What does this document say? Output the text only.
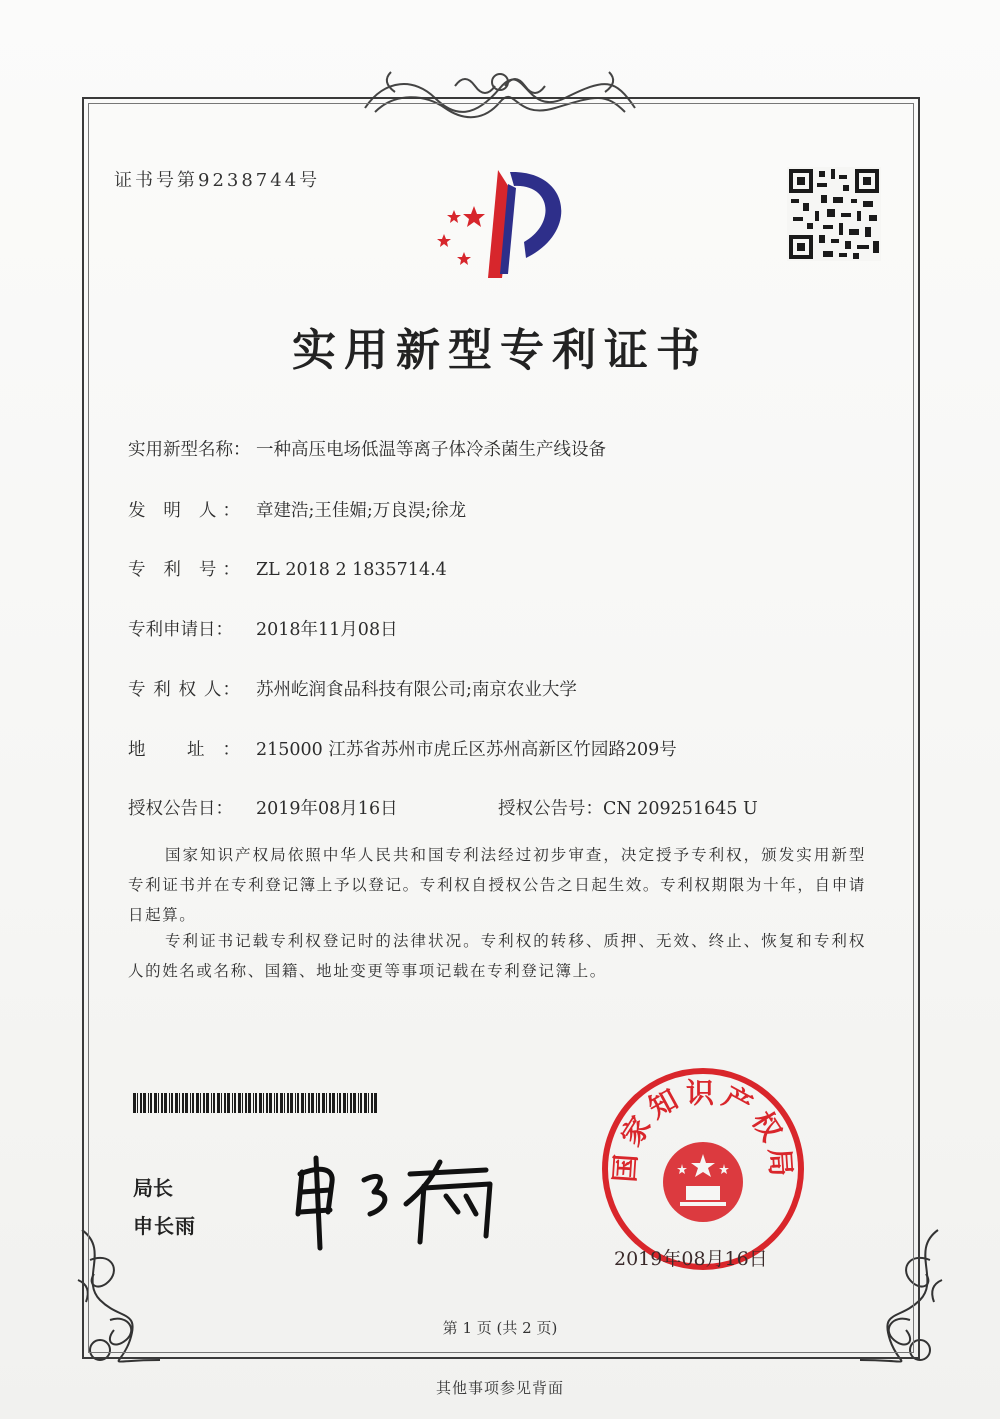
证书号第9238744号
实用新型专利证书
实用新型名称： 一种高压电场低温等离子体冷杀菌生产线设备
发 明 人： 章建浩;王佳媚;万良淏;徐龙
专 利 号： ZL 2018 2 1835714.4
专利申请日： 2018年11月08日
专 利 权 人： 苏州屹润食品科技有限公司;南京农业大学
地 址： 215000 江苏省苏州市虎丘区苏州高新区竹园路209号
授权公告日： 2019年08月16日	授权公告号：CN 209251645 U
国家知识产权局依照中华人民共和国专利法经过初步审查，决定授予专利权，颁发实用新型专利证书并在专利登记簿上予以登记。专利权自授权公告之日起生效。专利权期限为十年，自申请日起算。
专利证书记载专利权登记时的法律状况。专利权的转移、质押、无效、终止、恢复和专利权人的姓名或名称、国籍、地址变更等事项记载在专利登记簿上。
局长
申长雨
国家知识产权局
2019年08月16日
第 1 页 (共 2 页)
其他事项参见背面
